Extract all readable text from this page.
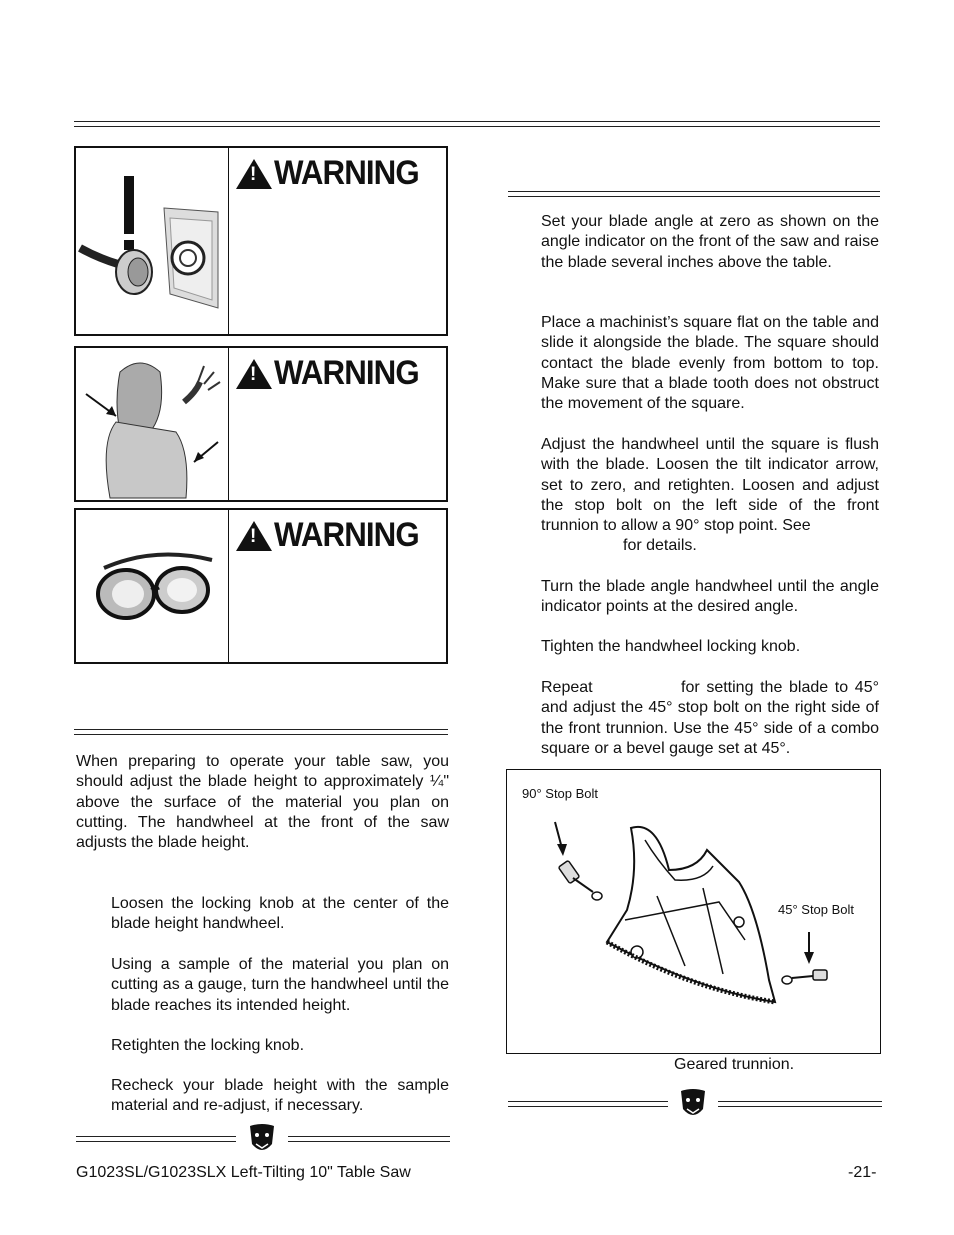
! WARNING
! WARNING
! WARNING
When preparing to operate your table saw, you should adjust the blade height to approximately ¼" above the surface of the material you plan on cutting. The handwheel at the front of the saw adjusts the blade height.
Loosen the locking knob at the center of the blade height handwheel.
Using a sample of the material you plan on cutting as a gauge, turn the handwheel until the blade reaches its intended height.
Retighten the locking knob.
Recheck your blade height with the sample material and re-adjust, if necessary.
Set your blade angle at zero as shown on the angle indicator on the front of the saw and raise the blade several inches above the table.
Place a machinist’s square flat on the table and slide it alongside the blade. The square should contact the blade evenly from bottom to top. Make sure that a blade tooth does not obstruct the movement of the square.
Adjust the handwheel until the square is flush with the blade. Loosen the tilt indicator arrow, set to zero, and retighten. Loosen and adjust the stop bolt on the left side of the front trunnion to allow a 90° stop point. See
for details.
Turn the blade angle handwheel until the angle indicator points at the desired angle.
Tighten the handwheel locking knob.
Repeat	for setting the blade to 45° and adjust the 45° stop bolt on the right side of the front trunnion. Use the 45° side of a combo square or a bevel gauge set at 45°.
90° Stop Bolt
45° Stop Bolt
Geared trunnion.
G1023SL/G1023SLX Left-Tilting 10" Table Saw	-21-
